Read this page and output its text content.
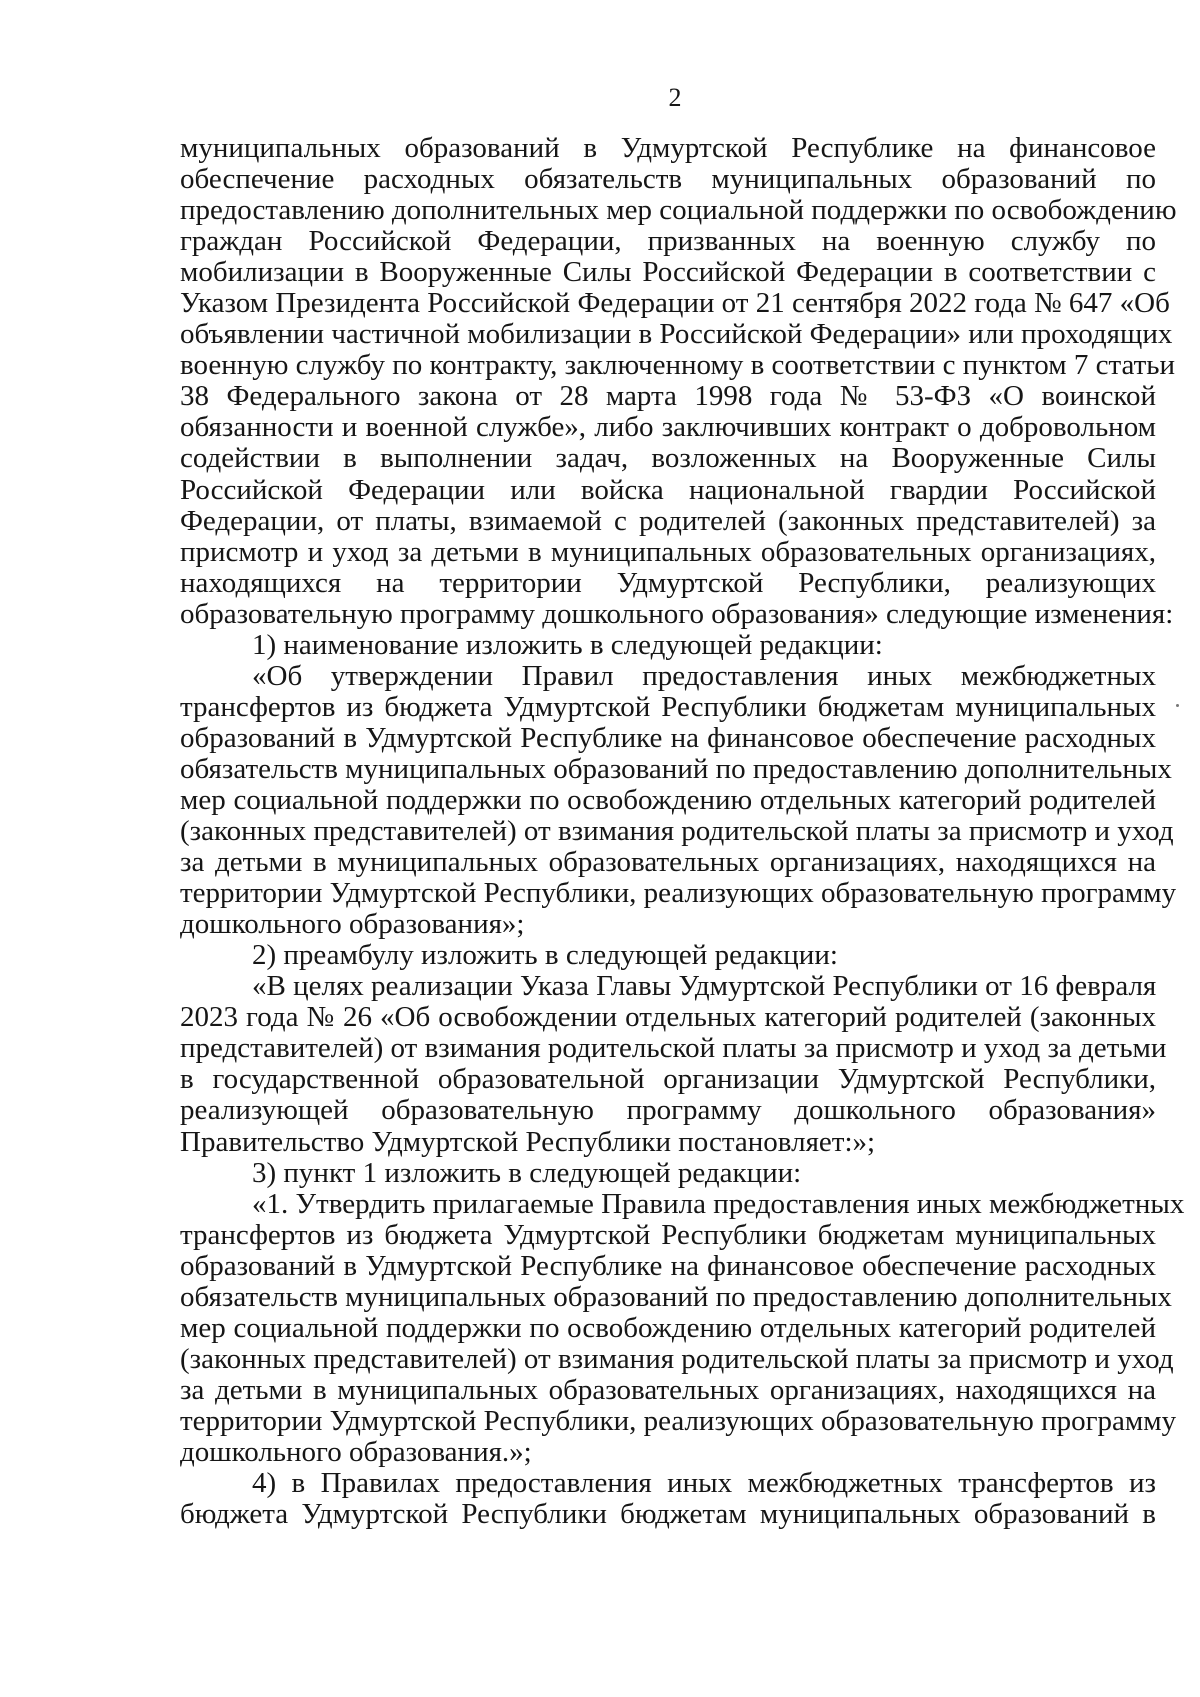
2
муниципальных образований в Удмуртской Республике на финансовое
обеспечение расходных обязательств муниципальных образований по
предоставлению дополнительных мер социальной поддержки по освобождению
граждан Российской Федерации, призванных на военную службу по
мобилизации в Вооруженные Силы Российской Федерации в соответствии с
Указом Президента Российской Федерации от 21 сентября 2022 года № 647 «Об
объявлении частичной мобилизации в Российской Федерации» или проходящих
военную службу по контракту, заключенному в соответствии с пунктом 7 статьи
38 Федерального закона от 28 марта 1998 года № 53-ФЗ «О воинской
обязанности и военной службе», либо заключивших контракт о добровольном
содействии в выполнении задач, возложенных на Вооруженные Силы
Российской Федерации или войска национальной гвардии Российской
Федерации, от платы, взимаемой с родителей (законных представителей) за
присмотр и уход за детьми в муниципальных образовательных организациях,
находящихся на территории Удмуртской Республики, реализующих
образовательную программу дошкольного образования» следующие изменения:
1) наименование изложить в следующей редакции:
«Об утверждении Правил предоставления иных межбюджетных
трансфертов из бюджета Удмуртской Республики бюджетам муниципальных
образований в Удмуртской Республике на финансовое обеспечение расходных
обязательств муниципальных образований по предоставлению дополнительных
мер социальной поддержки по освобождению отдельных категорий родителей
(законных представителей) от взимания родительской платы за присмотр и уход
за детьми в муниципальных образовательных организациях, находящихся на
территории Удмуртской Республики, реализующих образовательную программу
дошкольного образования»;
2) преамбулу изложить в следующей редакции:
«В целях реализации Указа Главы Удмуртской Республики от 16 февраля
2023 года № 26 «Об освобождении отдельных категорий родителей (законных
представителей) от взимания родительской платы за присмотр и уход за детьми
в государственной образовательной организации Удмуртской Республики,
реализующей образовательную программу дошкольного образования»
Правительство Удмуртской Республики постановляет:»;
3) пункт 1 изложить в следующей редакции:
«1. Утвердить прилагаемые Правила предоставления иных межбюджетных
трансфертов из бюджета Удмуртской Республики бюджетам муниципальных
образований в Удмуртской Республике на финансовое обеспечение расходных
обязательств муниципальных образований по предоставлению дополнительных
мер социальной поддержки по освобождению отдельных категорий родителей
(законных представителей) от взимания родительской платы за присмотр и уход
за детьми в муниципальных образовательных организациях, находящихся на
территории Удмуртской Республики, реализующих образовательную программу
дошкольного образования.»;
4) в Правилах предоставления иных межбюджетных трансфертов из
бюджета Удмуртской Республики бюджетам муниципальных образований в
